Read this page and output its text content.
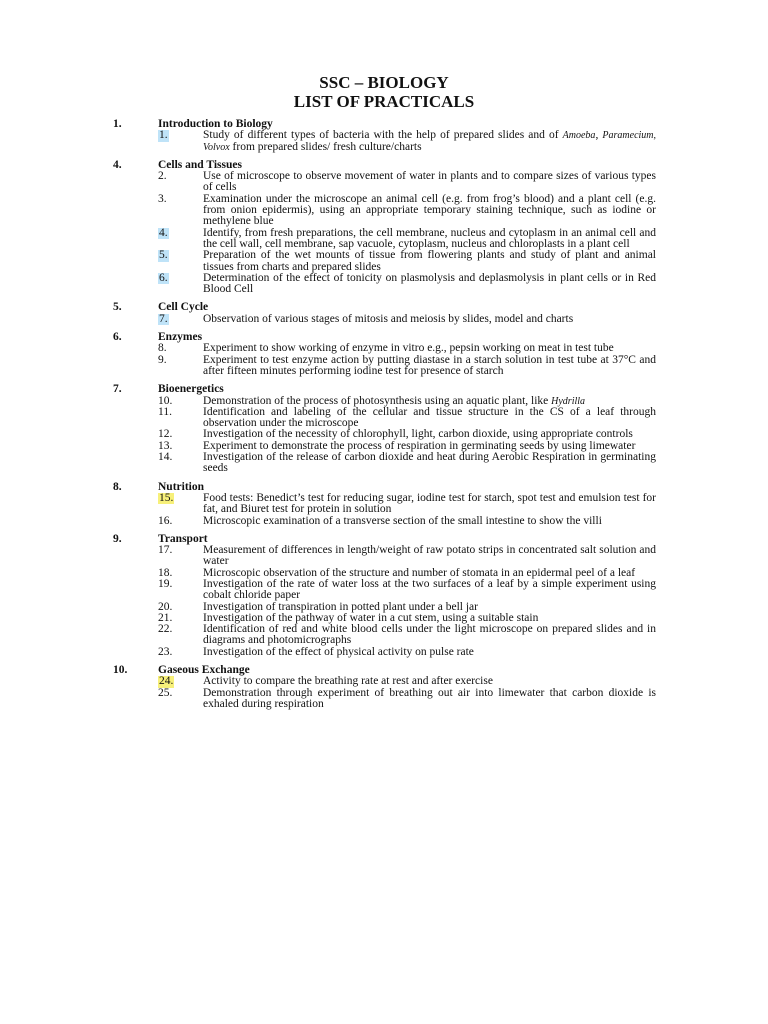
SSC – BIOLOGY
LIST OF PRACTICALS
1.	Introduction to Biology
1.	Study of different types of bacteria with the help of prepared slides and of Amoeba, Paramecium, Volvox from prepared slides/ fresh culture/charts
4.	Cells and Tissues
2.	Use of microscope to observe movement of water in plants and to compare sizes of various types of cells
3.	Examination under the microscope an animal cell (e.g. from frog’s blood) and a plant cell (e.g. from onion epidermis), using an appropriate temporary staining technique, such as iodine or methylene blue
4.	Identify, from fresh preparations, the cell membrane, nucleus and cytoplasm in an animal cell and the cell wall, cell membrane, sap vacuole, cytoplasm, nucleus and chloroplasts in a plant cell
5.	Preparation of the wet mounts of tissue from flowering plants and study of plant and animal tissues from charts and prepared slides
6.	Determination of the effect of tonicity on plasmolysis and deplasmolysis in plant cells or in Red Blood Cell
5.	Cell Cycle
7.	Observation of various stages of mitosis and meiosis by slides, model and charts
6.	Enzymes
8.	Experiment to show working of enzyme in vitro e.g., pepsin working on meat in test tube
9.	Experiment to test enzyme action by putting diastase in a starch solution in test tube at 37°C and after fifteen minutes performing iodine test for presence of starch
7.	Bioenergetics
10.	Demonstration of the process of photosynthesis using an aquatic plant, like Hydrilla
11.	Identification and labeling of the cellular and tissue structure in the CS of a leaf through observation under the microscope
12.	Investigation of the necessity of chlorophyll, light, carbon dioxide, using appropriate controls
13.	Experiment to demonstrate the process of respiration in germinating seeds by using limewater
14.	Investigation of the release of carbon dioxide and heat during Aerobic Respiration in germinating seeds
8.	Nutrition
15.	Food tests: Benedict’s test for reducing sugar, iodine test for starch, spot test and emulsion test for fat, and Biuret test for protein in solution
16.	Microscopic examination of a transverse section of the small intestine to show the villi
9.	Transport
17.	Measurement of differences in length/weight of raw potato strips in concentrated salt solution and water
18.	Microscopic observation of the structure and number of stomata in an epidermal peel of a leaf
19.	Investigation of the rate of water loss at the two surfaces of a leaf by a simple experiment using cobalt chloride paper
20.	Investigation of transpiration in potted plant under a bell jar
21.	Investigation of the pathway of water in a cut stem, using a suitable stain
22.	Identification of red and white blood cells under the light microscope on prepared slides and in diagrams and photomicrographs
23.	Investigation of the effect of physical activity on pulse rate
10.	Gaseous Exchange
24.	Activity to compare the breathing rate at rest and after exercise
25.	Demonstration through experiment of breathing out air into limewater that carbon dioxide is exhaled during respiration
